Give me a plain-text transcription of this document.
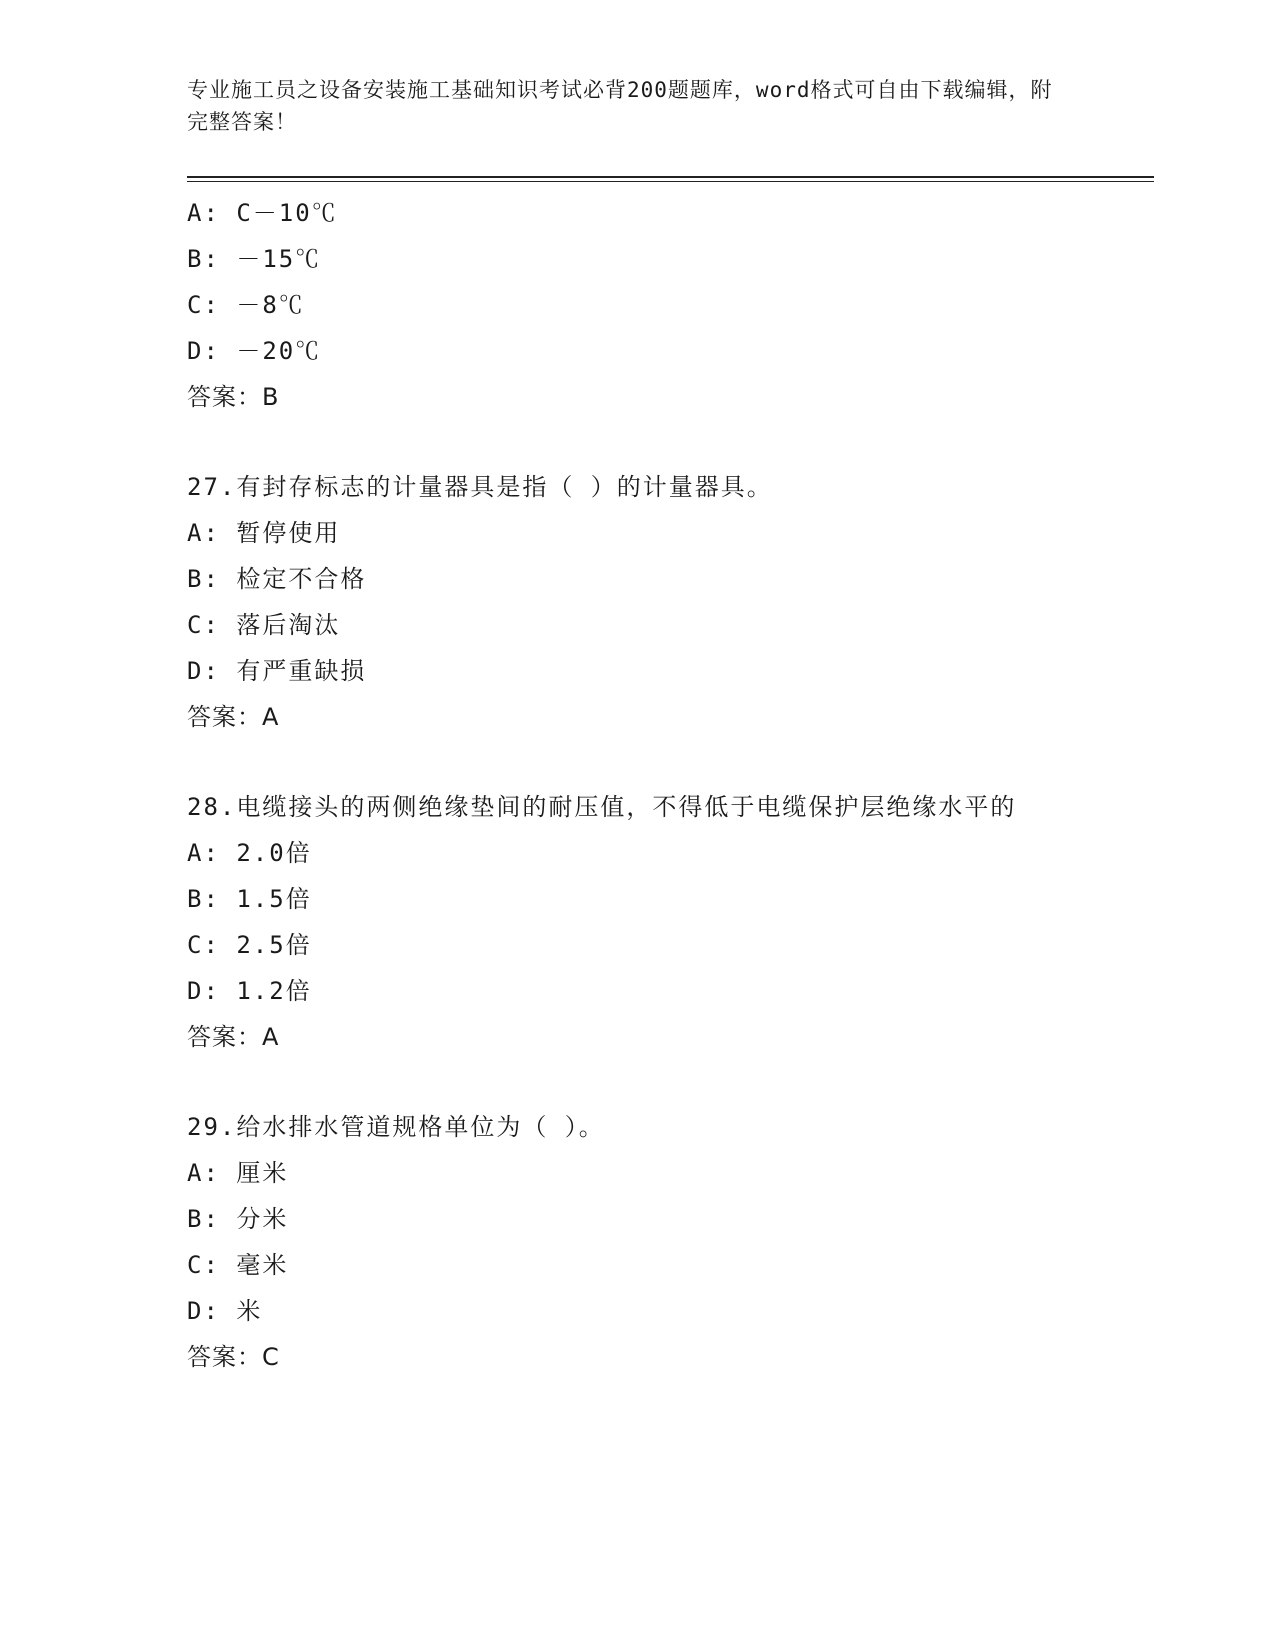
专业施工员之设备安装施工基础知识考试必背200题题库，word格式可自由下载编辑，附完整答案！
A: C－10℃
B: －15℃
C: －8℃
D: －20℃
答案：B
27.有封存标志的计量器具是指（ ）的计量器具。
A: 暂停使用
B: 检定不合格
C: 落后淘汰
D: 有严重缺损
答案：A
28.电缆接头的两侧绝缘垫间的耐压值，不得低于电缆保护层绝缘水平的
A: 2.0倍
B: 1.5倍
C: 2.5倍
D: 1.2倍
答案：A
29.给水排水管道规格单位为（ ）。
A: 厘米
B: 分米
C: 毫米
D: 米
答案：C
